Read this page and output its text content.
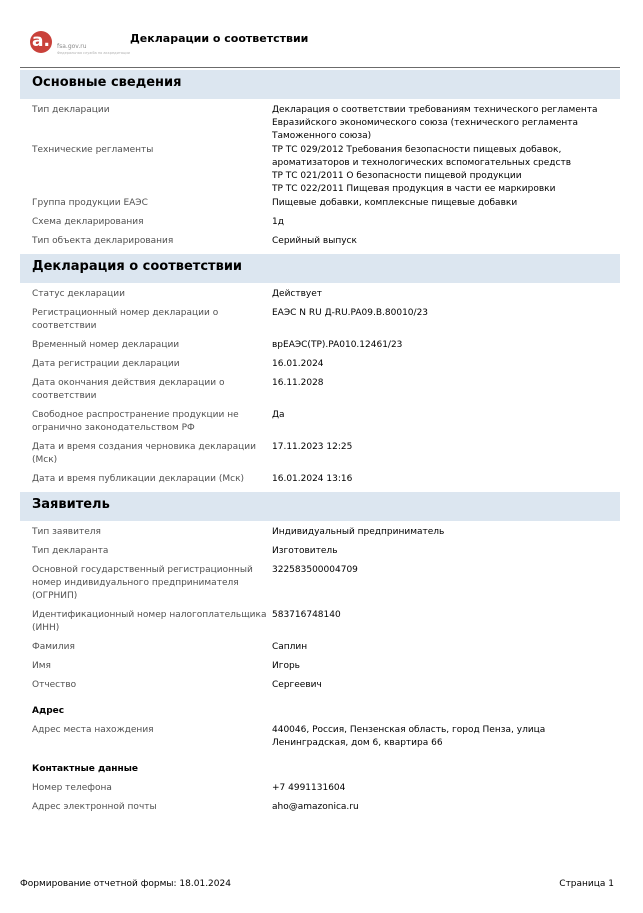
a.	fsa.gov.ru
Федеральная служба по аккредитации
Декларации о соответствии
Основные сведения
Тип декларации	Декларация о соответствии требованиям технического регламента Евразийского экономического союза (технического регламента Таможенного союза)
Технические регламенты	ТР ТС 029/2012 Требования безопасности пищевых добавок, ароматизаторов и технологических вспомогательных средств
ТР ТС 021/2011 О безопасности пищевой продукции
ТР ТС 022/2011 Пищевая продукция в части ее маркировки
Группа продукции ЕАЭС	Пищевые добавки, комплексные пищевые добавки
Схема декларирования	1д
Тип объекта декларирования	Серийный выпуск
Декларация о соответствии
Статус декларации	Действует
Регистрационный номер декларации о соответствии
ЕАЭС N RU Д-RU.PA09.B.80010/23
Временный номер декларации	врЕАЭС(ТР).PA010.12461/23
Дата регистрации декларации	16.01.2024
Дата окончания действия декларации о соответствии
16.11.2028
Свободное распространение продукции не огранично законодательством РФ
Да
Дата и время создания черновика декларации (Мск)
17.11.2023 12:25
Дата и время публикации декларации (Мск)	16.01.2024 13:16
Заявитель
Тип заявителя	Индивидуальный предприниматель
Тип декларанта	Изготовитель
Основной государственный регистрационный номер индивидуального предпринимателя (ОГРНИП)
322583500004709
Идентификационный номер налогоплательщика (ИНН)
583716748140
Фамилия	Саплин
Имя	Игорь
Отчество	Сергеевич
Адрес
Адрес места нахождения	440046, Россия, Пензенская область, город Пенза, улица Ленинградская, дом 6, квартира 66
Контактные данные
Номер телефона	+7 4991131604
Адрес электронной почты	aho@amazonica.ru
Формирование отчетной формы: 18.01.2024	Страница 1
